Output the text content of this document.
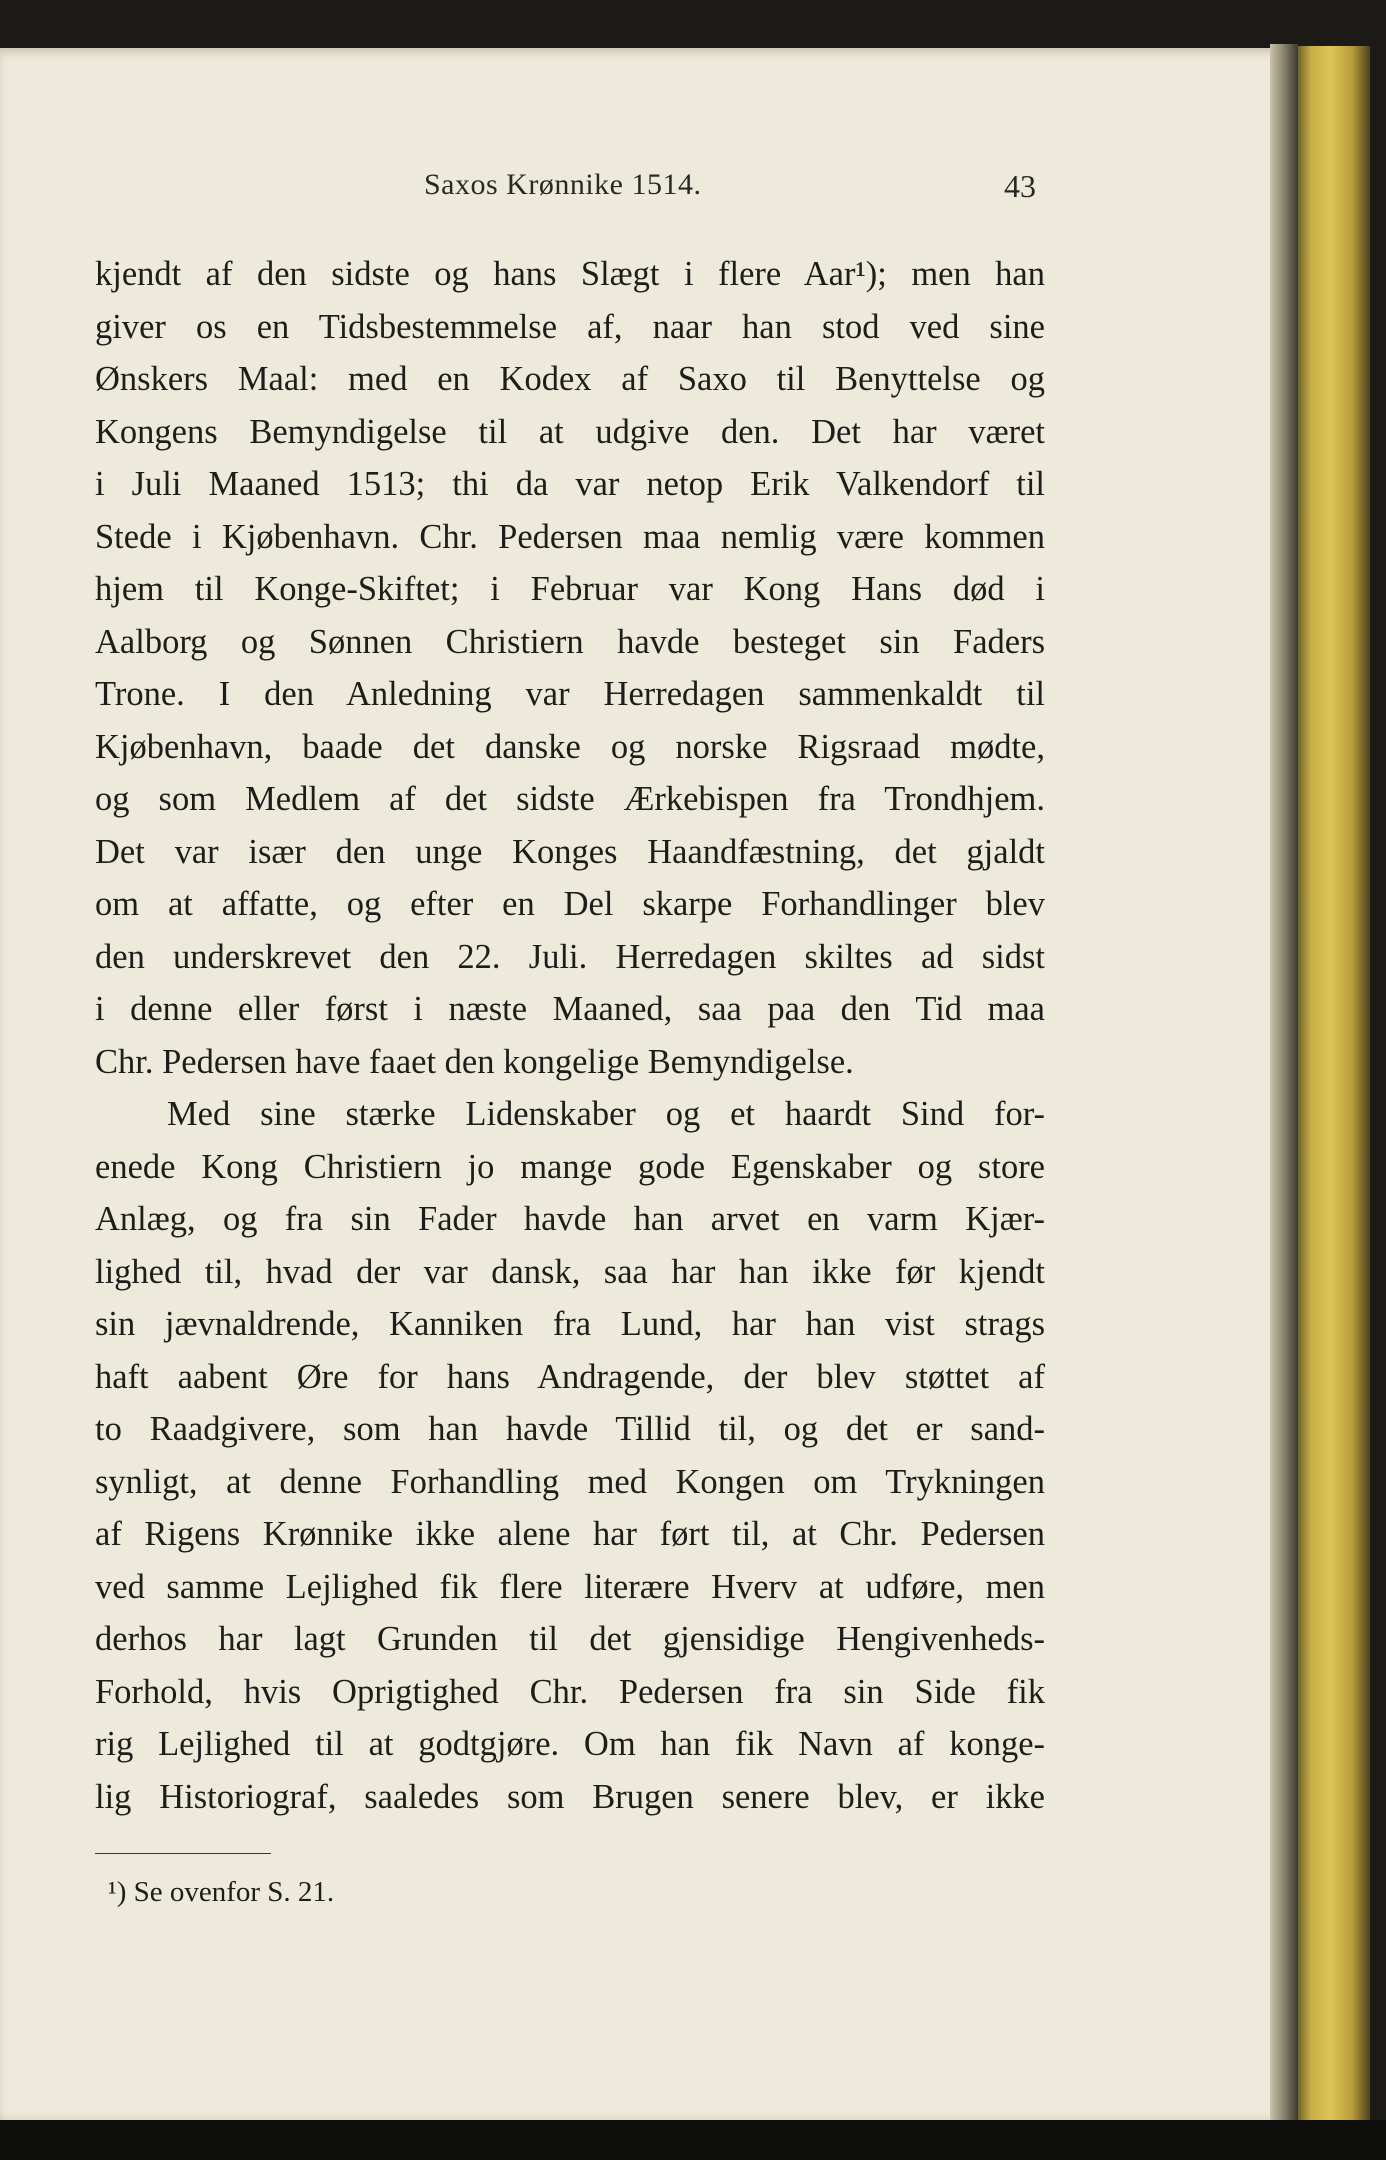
Saxos Krønnike 1514.	43
kjendt af den sidste og hans Slægt i flere Aar¹); men han
giver os en Tidsbestemmelse af, naar han stod ved sine
Ønskers Maal: med en Kodex af Saxo til Benyttelse og
Kongens Bemyndigelse til at udgive den. Det har været
i Juli Maaned 1513; thi da var netop Erik Valkendorf til
Stede i Kjøbenhavn. Chr. Pedersen maa nemlig være kommen
hjem til Konge-Skiftet; i Februar var Kong Hans død i
Aalborg og Sønnen Christiern havde besteget sin Faders
Trone. I den Anledning var Herredagen sammenkaldt til
Kjøbenhavn, baade det danske og norske Rigsraad mødte,
og som Medlem af det sidste Ærkebispen fra Trondhjem.
Det var især den unge Konges Haandfæstning, det gjaldt
om at affatte, og efter en Del skarpe Forhandlinger blev
den underskrevet den 22. Juli. Herredagen skiltes ad sidst
i denne eller først i næste Maaned, saa paa den Tid maa
Chr. Pedersen have faaet den kongelige Bemyndigelse.
Med sine stærke Lidenskaber og et haardt Sind for-
enede Kong Christiern jo mange gode Egenskaber og store
Anlæg, og fra sin Fader havde han arvet en varm Kjær-
lighed til, hvad der var dansk, saa har han ikke før kjendt
sin jævnaldrende, Kanniken fra Lund, har han vist strags
haft aabent Øre for hans Andragende, der blev støttet af
to Raadgivere, som han havde Tillid til, og det er sand-
synligt, at denne Forhandling med Kongen om Trykningen
af Rigens Krønnike ikke alene har ført til, at Chr. Pedersen
ved samme Lejlighed fik flere literære Hverv at udføre, men
derhos har lagt Grunden til det gjensidige Hengivenheds-
Forhold, hvis Oprigtighed Chr. Pedersen fra sin Side fik
rig Lejlighed til at godtgjøre. Om han fik Navn af konge-
lig Historiograf, saaledes som Brugen senere blev, er ikke
¹) Se ovenfor S. 21.
